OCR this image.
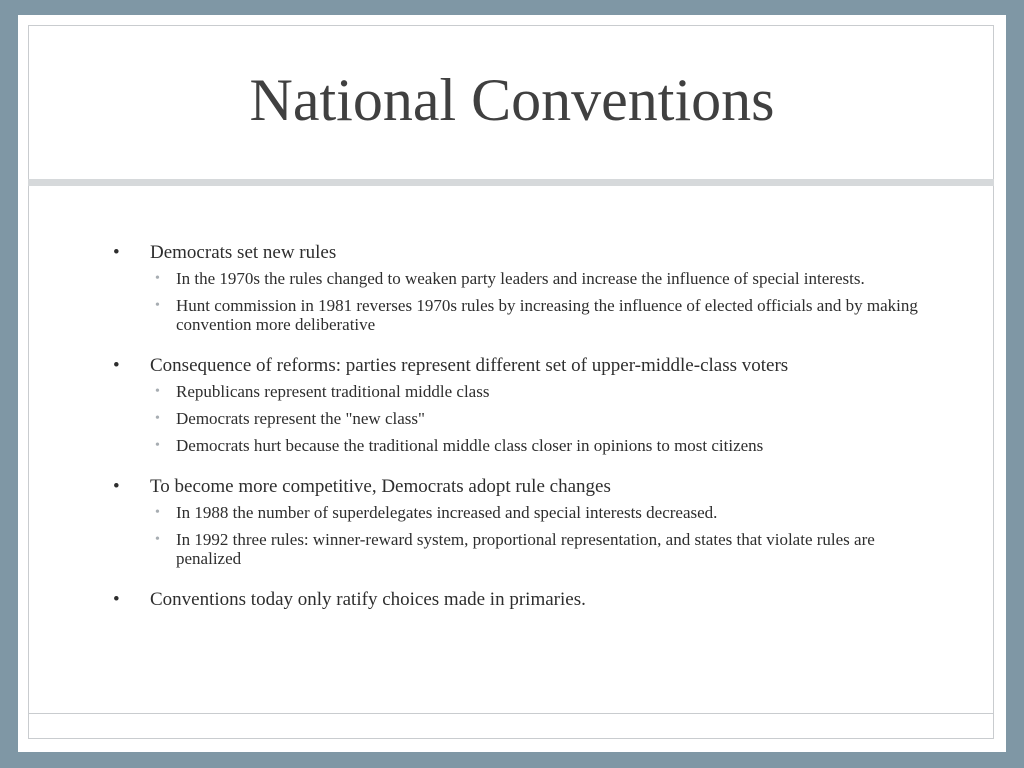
National Conventions
• Democrats set new rules
• In the 1970s the rules changed to weaken party leaders and increase the influence of special interests.
• Hunt commission in 1981 reverses 1970s rules by increasing the influence of elected officials and by making convention more deliberative
• Consequence of reforms: parties represent different set of upper-middle-class voters
• Republicans represent traditional middle class
• Democrats represent the "new class"
• Democrats hurt because the traditional middle class closer in opinions to most citizens
• To become more competitive, Democrats adopt rule changes
• In 1988 the number of superdelegates increased and special interests decreased.
• In 1992 three rules: winner-reward system, proportional representation, and states that violate rules are penalized
• Conventions today only ratify choices made in primaries.
